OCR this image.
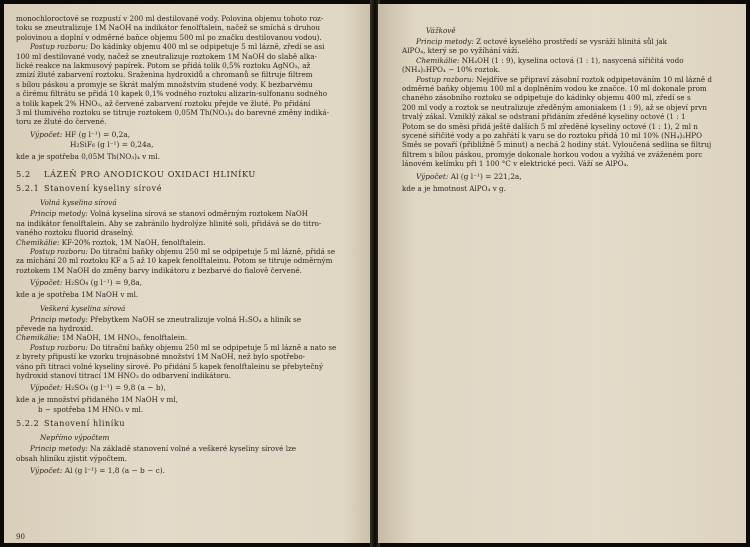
monochloroctové se rozpustí v 200 ml destilované vody. Polovina objemu tohoto roz-
toku se zneutralizuje 1M NaOH na indikátor fenolftalein, načež se smíchá s druhou
polovinou a doplní v odměrné baňce objemu 500 ml po značku destilovanou vodou).

Postup rozboru: Do kádinky objemu 400 ml se odpipetuje 5 ml lázně, zředí se asi
100 ml destilované vody, načež se zneutralizuje roztokem 1M NaOH do slabě alka-
lické reakce na lakmusový papírek. Potom se přidá tolik 0,5% roztoku AgNO₃, až
zmizí žluté zabarvení roztoku. Sraženina hydroxidů a chromanů se filtruje filtrem
s bílou páskou a promyje se škrát malým množstvím studené vody. K bezbarvému
a čirému filtrátu se přidá 10 kapek 0,1% vodného roztoku alizarin-sulfonanu sodného
a tolik kapek 2% HNO₃, až červené zabarvení roztoku přejde ve žluté. Po přidání
3 ml tlumivého roztoku se titruje roztokem 0,05M Th(NO₃)₄ do barevné změny indiká-
toru ze žluté do červené.

Výpočet: HF (g l⁻¹) = 0,2a,

H₂SiF₆ (g l⁻¹) = 0,24a,

kde a je spotřeba 0,05M Th(NO₃)₄ v ml.

5.2 LÁZEŇ PRO ANODICKOU OXIDACI HLINÍKU

5.2.1 Stanovení kyseliny sírové

Volná kyselina sírová

Princip metody: Volná kyselina sírová se stanoví odměrným roztokem NaOH
na indikátor fenolftalein. Aby se zabránilo hydrolýze hlinité soli, přidává se do titro-
vaného roztoku fluorid draselný.

Chemikálie: KF-20% roztok, 1M NaOH, fenolftalein.

Postup rozboru: Do titrační baňky objemu 250 ml se odpipetuje 5 ml lázně, přidá se
za míchání 20 ml roztoku KF a 5 až 10 kapek fenolftaleinu. Potom se titruje odměrným
roztokem 1M NaOH do změny barvy indikátoru z bezbarvé do fialově červené.

Výpočet: H₂SO₄ (g l⁻¹) = 9,8a,

kde a je spotřeba 1M NaOH v ml.

Veškerá kyselina sírová

Princip metody: Přebytkem NaOH se zneutralizuje volná H₂SO₄ a hliník se
převede na hydroxid.

Chemikálie: 1M NaOH, 1M HNO₃, fenolftalein.

Postup rozboru: Do titrační baňky objemu 250 ml se odpipetuje 5 ml lázně a nato se
z byrety připustí ke vzorku trojnásobné množství 1M NaOH, než bylo spotřebo-
váno při titraci volné kyseliny sírové. Po přidání 5 kapek fenolftaleinu se přebytečný
hydroxid stanoví titrací 1M HNO₃ do odbarvení indikátoru.

Výpočet: H₂SO₄ (g l⁻¹) = 9,8 (a − b),

kde a je množství přidaného 1M NaOH v ml,

b − spotřeba 1M HNO₃ v ml.

5.2.2 Stanovení hliníku

Nepřímo výpočtem

Princip metody: Na základě stanovení volné a veškeré kyseliny sírové lze
obsah hliníku zjistit výpočtem.

Výpočet: Al (g l⁻¹) = 1,8 (a − b − c).

90

Vážkově

Princip metody: Z octové kyselého prostředí se vysráží hlinitá sůl jak
AlPO₄, který se po vyžíhání váží.

Chemikálie: NH₄OH (1 : 9), kyselina octová (1 : 1), nasycená sířičitá vodo
(NH₄)₂HPO₄ − 10% roztok.

Postup rozboru: Nejdříve se připraví zásobní roztok odpipetováním 10 ml lázně d
odměrné baňky objemu 100 ml a doplněním vodou ke značce. 10 ml dokonale prom
chaného zásobního roztoku se odpipetuje do kádinky objemu 400 ml, zředí se s
200 ml vody a roztok se neutralizuje zředěným amoniakem (1 : 9), až se objeví prvn
trvalý zákal. Vzniklý zákal se odstraní přidáním zředěné kyseliny octové (1 : 1
Potom se do směsi přidá ještě dalších 5 ml zředěné kyseliny octové (1 : 1), 2 ml n
sycené siřičité vody a po zahřátí k varu se do roztoku přidá 10 ml 10% (NH₄)₂HPO
Směs se povaří (přibližně 5 minut) a nechá 2 hodiny stát. Vyloučená sedlina se filtruj
filtrem s bílou páskou, promyje dokonale horkou vodou a vyžíhá ve zváženém porc
lánovém kelímku při 1 100 °C v elektrické peci. Váží se AlPO₄.

Výpočet: Al (g l⁻¹) = 221,2a,

kde a je hmotnost AlPO₄ v g.
